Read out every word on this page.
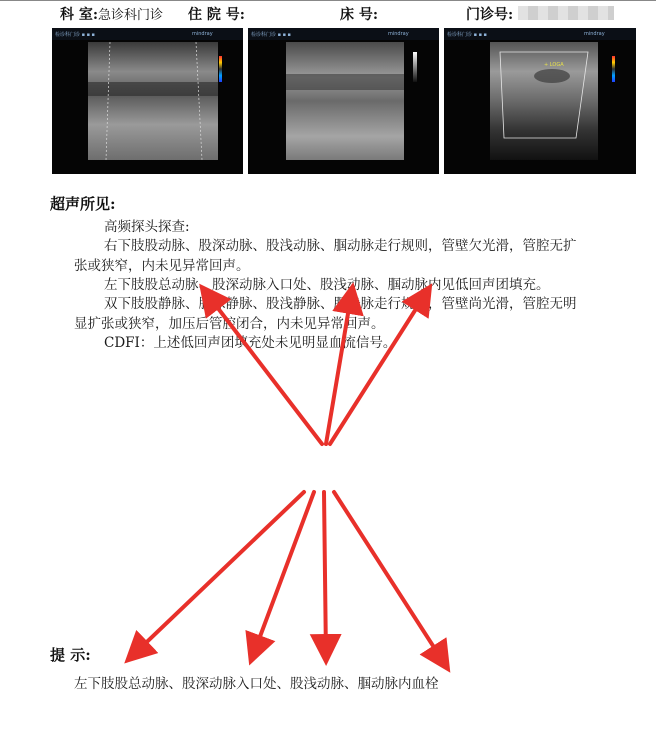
科 室:急诊科门诊 住 院 号:	床 号:	门诊号:
检诊科门诊 ▪ ▪ ▪	mindray	检诊科门诊 ▪ ▪ ▪	mindray	检诊科门诊 ▪ ▪ ▪	mindray
+ LOGA
超声所见:
高频探头探查:
右下肢股动脉、股深动脉、股浅动脉、腘动脉走行规则，管壁欠光滑，管腔无扩
张或狭窄，内未见异常回声。
左下肢股总动脉、股深动脉入口处、股浅动脉、腘动脉内见低回声团填充。
双下肢股静脉、股深静脉、股浅静脉、腘静脉走行规则，管壁尚光滑，管腔无明
显扩张或狭窄，加压后管腔闭合，内未见异常回声。
CDFI：上述低回声团填充处未见明显血流信号。
提 示:
左下肢股总动脉、股深动脉入口处、股浅动脉、腘动脉内血栓
